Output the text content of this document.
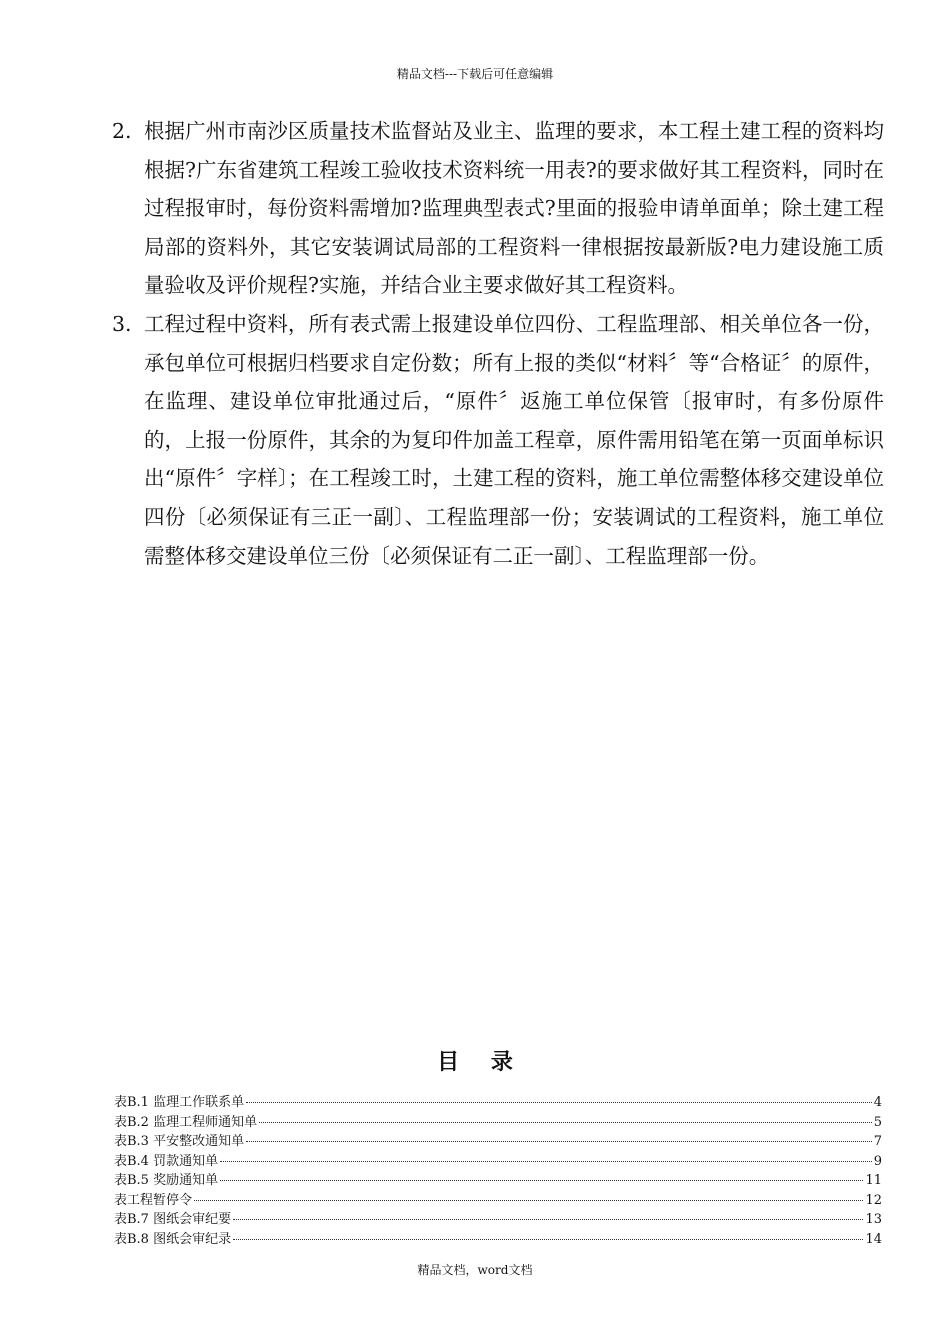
精品文档---下载后可任意编辑
2. 根据广州市南沙区质量技术监督站及业主、监理的要求，本工程土建工程的资料均根据?广东省建筑工程竣工验收技术资料统一用表?的要求做好其工程资料，同时在过程报审时，每份资料需增加?监理典型表式?里面的报验申请单面单；除土建工程局部的资料外，其它安装调试局部的工程资料一律根据按最新版?电力建设施工质量验收及评价规程?实施，并结合业主要求做好其工程资料。
3. 工程过程中资料，所有表式需上报建设单位四份、工程监理部、相关单位各一份，承包单位可根据归档要求自定份数；所有上报的类似“材料〞等“合格证〞的原件，在监理、建设单位审批通过后，“原件〞返施工单位保管〔报审时，有多份原件的，上报一份原件，其余的为复印件加盖工程章，原件需用铅笔在第一页面单标识出“原件〞字样〕；在工程竣工时，土建工程的资料，施工单位需整体移交建设单位四份〔必须保证有三正一副〕、工程监理部一份；安装调试的工程资料，施工单位需整体移交建设单位三份〔必须保证有二正一副〕、工程监理部一份。
目 录
表B.1 监理工作联系单	4
表B.2 监理工程师通知单	5
表B.3 平安整改通知单	7
表B.4 罚款通知单	9
表B.5 奖励通知单	11
表工程暂停令	12
表B.7 图纸会审纪要	13
表B.8 图纸会审纪录	14
精品文档，word文档
